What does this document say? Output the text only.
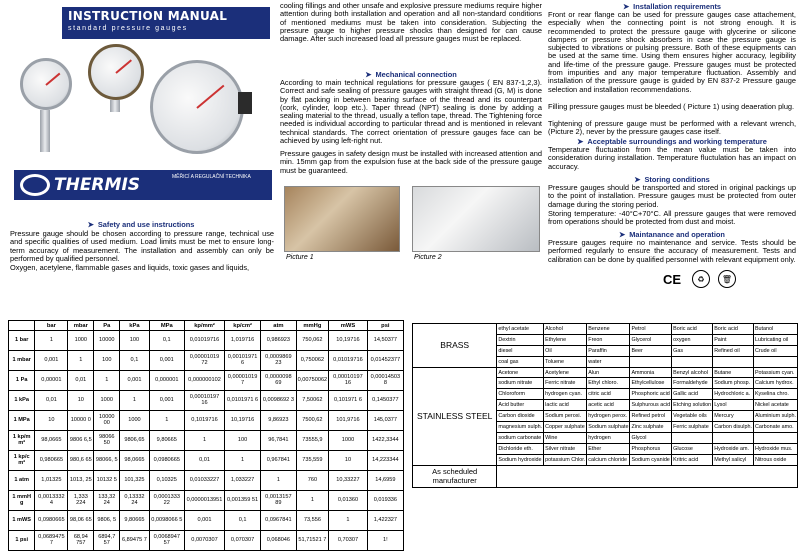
INSTRUCTION MANUAL
standard pressure gauges
THERMIS	MĚŘICÍ A REGULAČNÍ TECHNIKA
➤ Safety and use instructions
Pressure gauge should be chosen according to pressure range, technical use and specific qualities of used medium. Load limits must be met to ensure long-term accuracy of measurement. The installation and assembly can only be performed by qualified personnel.
Oxygen, acetylene, flammable gases and liquids, toxic gases and liquids,
cooling fillings and other unsafe and explosive pressure mediums require higher attention during both installation and operation and all non-standard conditions of mentioned mediums must be taken into consideration. Subjecting the pressure gauge to higher pressure shocks than designed for can cause damage. After such increased load all pressure gauges must be replaced.
➤ Mechanical connection
According to main technical regulations for pressure gauges ( EN 837-1,2,3). Correct and safe sealing of pressure gauges with straight thread (G, M) is done by flat packing in between bearing surface of the thread and its counterpart (cork, cylinder, loop etc.). Taper thread (NPT) sealing is done by adding a sealing material to the thread, usually a teflon tape, thread. The Tightening force needed is individual according to particular thread and is mentioned in relevant technical standards. The correct orientation of pressure gauges face can be achieved by using left-right nut.
Pressure gauges in safety design must be installed with increased attention and min. 15mm gap from the expulsion fuse at the back side of the pressure gauge must be guaranteed.
Picture 1	Picture 2
➤ Installation requirements
Front or rear flange can be used for pressure gauges case attachement, especially when the connecting point is not strong enough. It is recommended to protect the pressure gauge with glycerine or silicone dampers or pressure shock absorbers in case the pressure gauge is subjected to vibrations or pulsing pressure. Both of these equipments can be used at the same time. Using them ensures higher accuracy, legibility and life-time of the pressure gauge. Pressure gauges must be protected from impurities and any major temperature fluctuation. Assembly and installation of the pressure gauge is guided by EN 837-2 Pressure gauge selection and installation recommendations.
Filling pressure gauges must be bleeded ( Picture 1) using deaeration plug.
Tightening of pressure gauge must be performed with a relevant wrench, (Picture 2), never by the pressure gauges case itself.
➤ Acceptable surroundings and working temperature
Temperature fluctuation from the mean value must be taken into consideration during installation. Temperature fluctulation has an impact on accuracy.
➤ Storing conditions
Pressure gauges should be transported and stored in original packings up to the point of installation. Pressure gauges must be protected from outer damage during the storing period.
Storing temperature: -40°C+70°C. All pressure gauges that were removed from operations should be protected from dust and moist.
➤ Maintanance and operation
Pressure gauges require no maintenance and service. Tests should be performed regularly to ensure the accuracy of measurement. Tests and calibration can be done by qualified personnel with relevant equipment only.
CE	♻	🗑
	bar	mbar	Pa	kPa	MPa	kp/mm²	kp/cm²	atm	mmHg	mWS	psi
1 bar	1	1000	10000	100	0,1	0,01019716	1,019716	0,986923	750,062	10,19716	14,50377
1 mbar	0,001	1	100	0,1	0,001	0,00001019 72	0,00101971 6	0,0009869 23	0,750062	0,01019716	0,01452377
1 Pa	0,00001	0,01	1	0,001	0,000001	0,000000102	0,00001019 7	0,0000098 69	0,00750062	0,00010197 16	0,00014503 8
1 kPa	0,01	10	1000	1	0,001	0,00010197 16	0,0101971 6	0,0098692 3	7,50062	0,101971 6	0,1450377
1 MPa	10	10000 0	10000 00	1000	1	0,1019716	10,19716	9,86923	7500,62	101,9716	145,0377
1 kp/m m²	98,0665	9806 6,5	98066 50	9806,65	9,80665	1	100	96,7841	73555,9	1000	1422,3344
1 kp/c m²	0,980665	980,6 65	98066, 5	98,0665	0,0980665	0,01	1	0,967841	735,559	10	14,223344
1 atm	1,01325	1013, 25	10132 5	101,325	0,10325	0,01033227	1,033227	1	760	10,33227	14,6959
1 mmH g	0,0013332 4	1,333 224	133,32 24	0,13332 24	0,0001333 22	0,0000013951	0,001359 51	0,0013157 89	1	0,01360	0,019336
1 mWS	0,0980665	98,06 65	9806, 5	9,80665	0,0098066 5	0,001	0,1	0,0967841	73,556	1	1,422327
1 psi	0,0689475 7	68,94 757	6894,7 57	6,89475 7	0,0068947 57	0,0070307	0,070307	0,068046	51,71521 7	0,70307	1!
BRASS	ethyl acetate	Alcohol	Benzene	Petrol	Boric acid	Boric acid	Butanol
	Dextrin	Ethylene	Freon	Glycerol	oxygen	Paint	Lubricating oil
	diesel	Oil	Paraffin	Beer	Gas	Refined oil	Crude oil
	coal gas	Toluene	water				
STAINLESS STEEL	Acetone	Acetylene	Alun	Ammonia	Benzyl alcohol	Butane	Potassium cyan.
	sodium nitrate	Ferric nitrate	Ethyl chloro.	Ethylcellulose	Formaldehyde	Sodium phosp.	Calcium hydrox.
	Chloroform	hydrogen cyan.	citric acid	Phosphoric acid	Gallic acid	Hydrochloric a.	Kyselina chro.
	Acid butter	lactic acid	acetic acid	Sulphurous acid	Etching solution	Lysol	Nickel acetate
	Carbon dioxide	Sodium peroxi.	hydrogen perox.	Refined petrol	Vegetable oils	Mercury	Aluminium sulph.
	magnesium sulph.	Copper sulphate	Sodium sulphate	Zinc sulphate	Ferric sulphate	Carbon disulph.	Carbonate amo.
	sodium carbonate	Wine	hydrogen	Glycol			
	Dichloride eth.	Silver nitrate	Ether	Phosphorus	Glucose	Hydroxide am.	Hydroxide mus.
	Sodium hydroxide	potassium Chlor.	calcium chloride	Sodium cyanide	Kritric acid	Methyl salicyl	Nitrous oxide
As scheduled manufacturer							
